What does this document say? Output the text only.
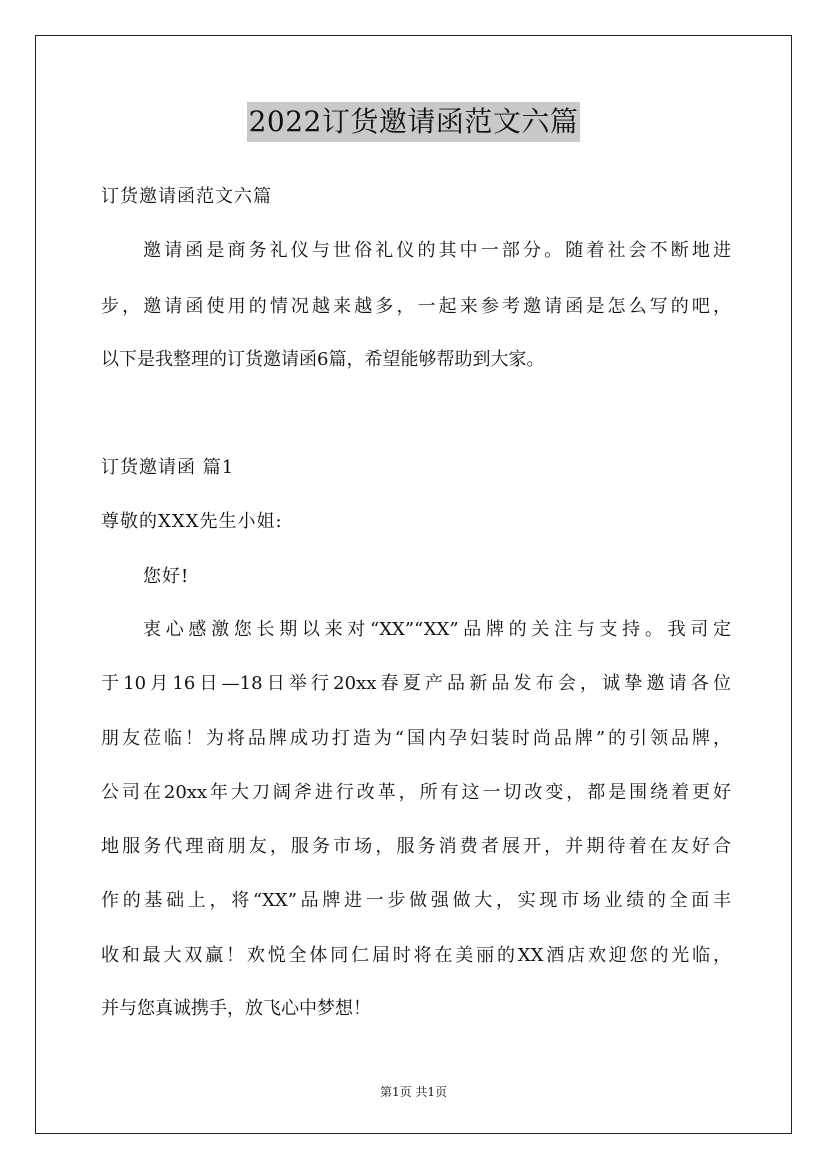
2022订货邀请函范文六篇
订货邀请函范文六篇
邀请函是商务礼仪与世俗礼仪的其中一部分。随着社会不断地进
步，邀请函使用的情况越来越多，一起来参考邀请函是怎么写的吧，
以下是我整理的订货邀请函6篇，希望能够帮助到大家。
订货邀请函 篇1
尊敬的XXX先生小姐:
您好!
衷心感激您长期以来对“XX”“XX”品牌的关注与支持。我司定
于10月16日—18日举行20xx春夏产品新品发布会，诚挚邀请各位
朋友莅临！为将品牌成功打造为“国内孕妇装时尚品牌”的引领品牌，
公司在20xx年大刀阔斧进行改革，所有这一切改变，都是围绕着更好
地服务代理商朋友，服务市场，服务消费者展开，并期待着在友好合
作的基础上，将“XX”品牌进一步做强做大，实现市场业绩的全面丰
收和最大双赢！欢悦全体同仁届时将在美丽的XX酒店欢迎您的光临，
并与您真诚携手，放飞心中梦想！
第1页 共1页
